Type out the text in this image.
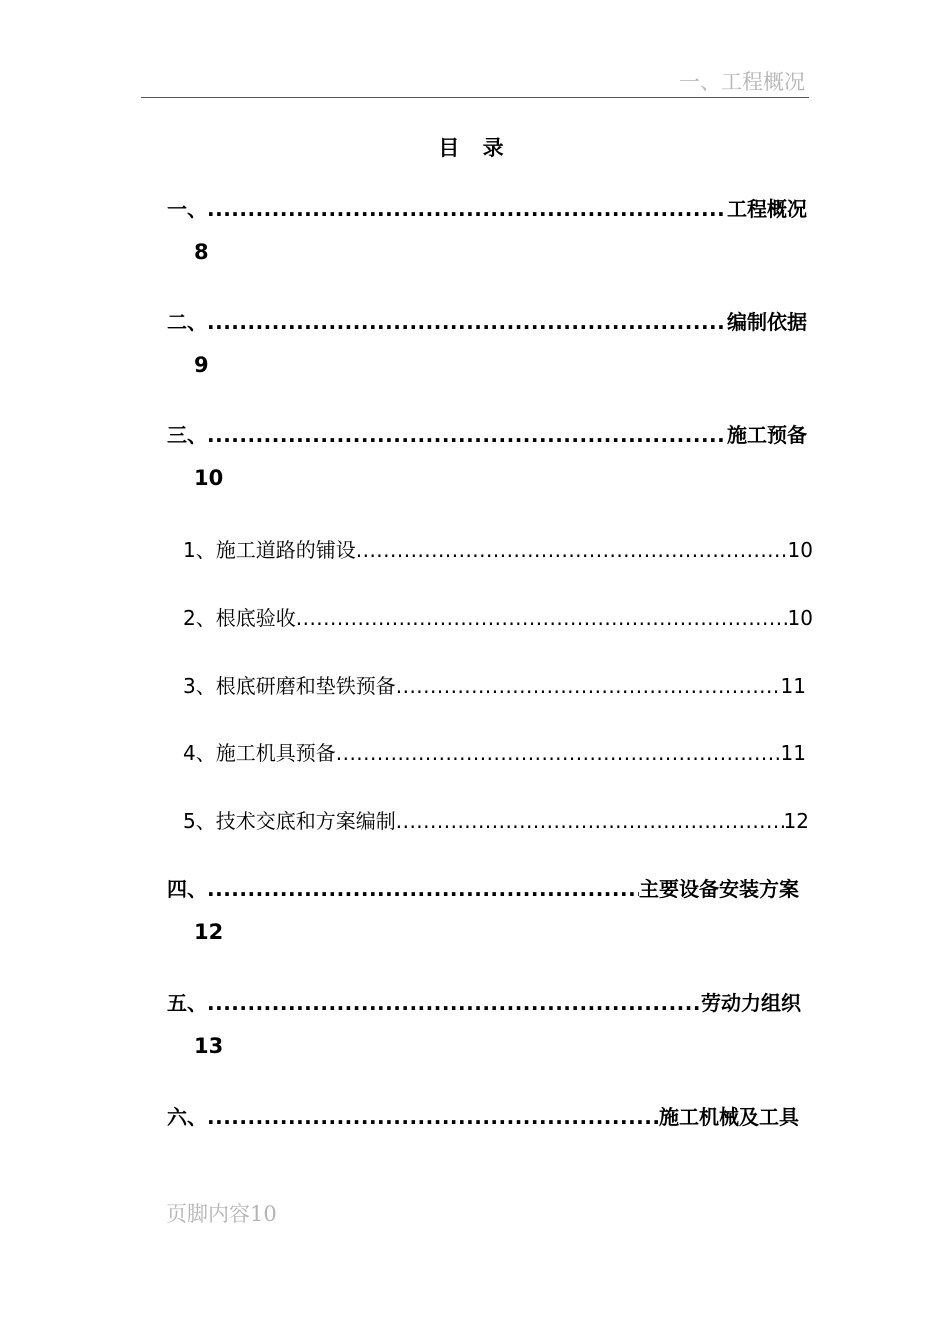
一、工程概况
目 录
一、 .....	工程概况
8
二、 .....	编制依据
9
三、 .....	施工预备
10
1、 施工道路的铺设 .....	10
2、 根底验收 .....	10
3、 根底研磨和垫铁预备 .....	11
4、 施工机具预备 .....	11
5、 技术交底和方案编制 .....	12
四、 .....	主要设备安装方案
12
五、 .....	劳动力组织
13
六、 .....	施工机械及工具
页脚内容10
